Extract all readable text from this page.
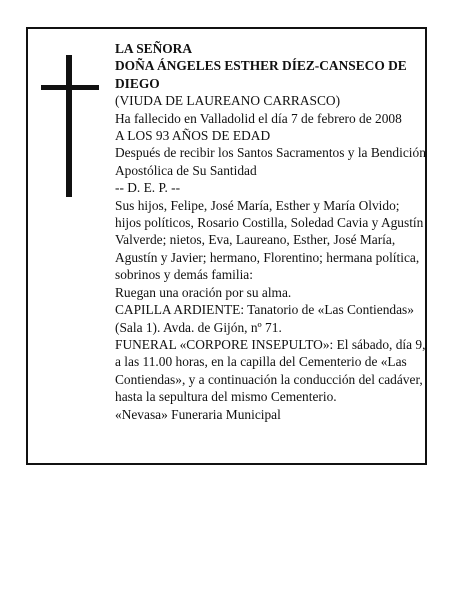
LA SEÑORA
DOÑA ÁNGELES ESTHER DÍEZ-CANSECO DE DIEGO
(VIUDA DE LAUREANO CARRASCO)
Ha fallecido en Valladolid el día 7 de febrero de 2008
A LOS 93 AÑOS DE EDAD
Después de recibir los Santos Sacramentos y la Bendición Apostólica de Su Santidad
-- D. E. P. --
Sus hijos, Felipe, José María, Esther y María Olvido; hijos políticos, Rosario Costilla, Soledad Cavia y Agustín Valverde; nietos, Eva, Laureano, Esther, José María, Agustín y Javier; hermano, Florentino; hermana política, sobrinos y demás familia:
Ruegan una oración por su alma.
CAPILLA ARDIENTE: Tanatorio de «Las Contiendas» (Sala 1). Avda. de Gijón, nº 71.
FUNERAL «CORPORE INSEPULTO»: El sábado, día 9, a las 11.00 horas, en la capilla del Cementerio de «Las Contiendas», y a continuación la conducción del cadáver, hasta la sepultura del mismo Cementerio.
«Nevasa» Funeraria Municipal
